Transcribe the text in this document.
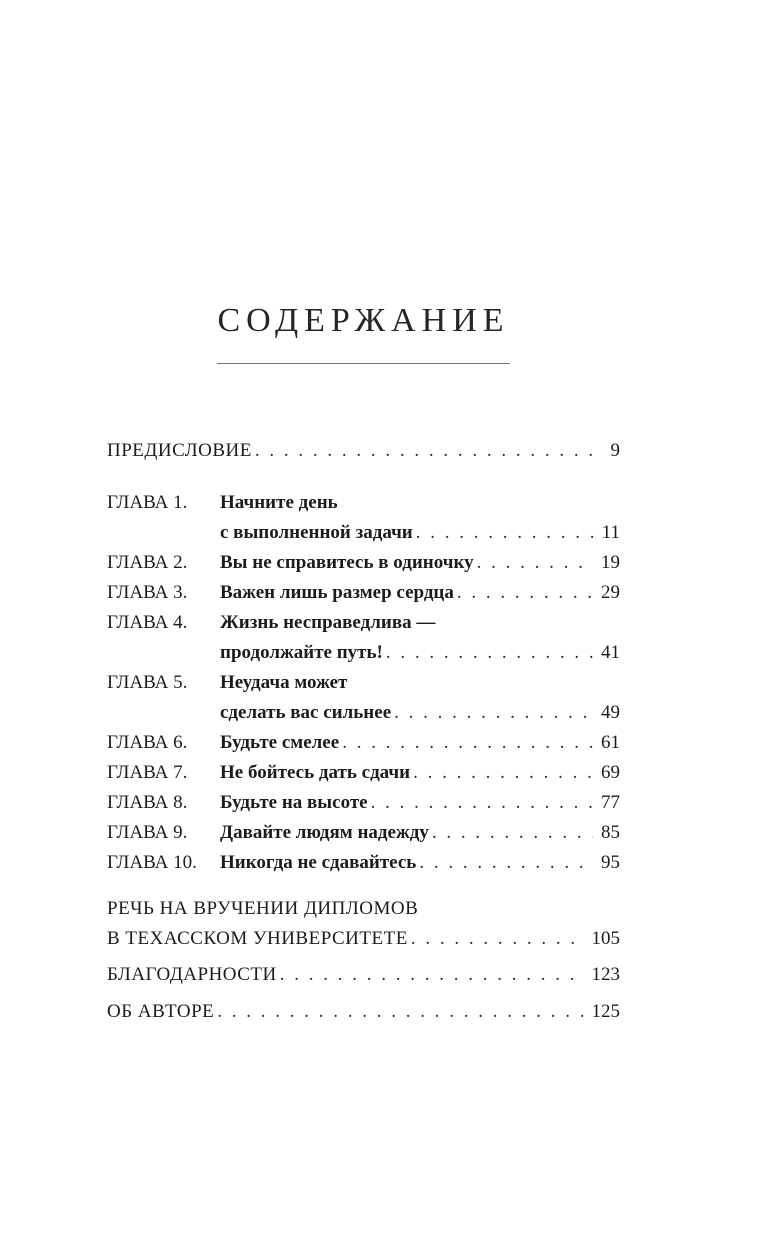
СОДЕРЖАНИЕ
ПРЕДИСЛОВИЕ . . .	9
ГЛАВА 1.	Начните день
с выполненной задачи . . .	11
ГЛАВА 2.	Вы не справитесь в одиночку . . .	19
ГЛАВА 3.	Важен лишь размер сердца . . .	29
ГЛАВА 4.	Жизнь несправедлива —
продолжайте путь! . . .	41
ГЛАВА 5.	Неудача может
сделать вас сильнее . . .	49
ГЛАВА 6.	Будьте смелее . . .	61
ГЛАВА 7.	Не бойтесь дать сдачи . . .	69
ГЛАВА 8.	Будьте на высоте . . .	77
ГЛАВА 9.	Давайте людям надежду . . .	85
ГЛАВА 10.	Никогда не сдавайтесь . . .	95
РЕЧЬ НА ВРУЧЕНИИ ДИПЛОМОВ
В ТЕХАССКОМ УНИВЕРСИТЕТЕ . . .	105
БЛАГОДАРНОСТИ . . .	123
ОБ АВТОРЕ . . .	125
